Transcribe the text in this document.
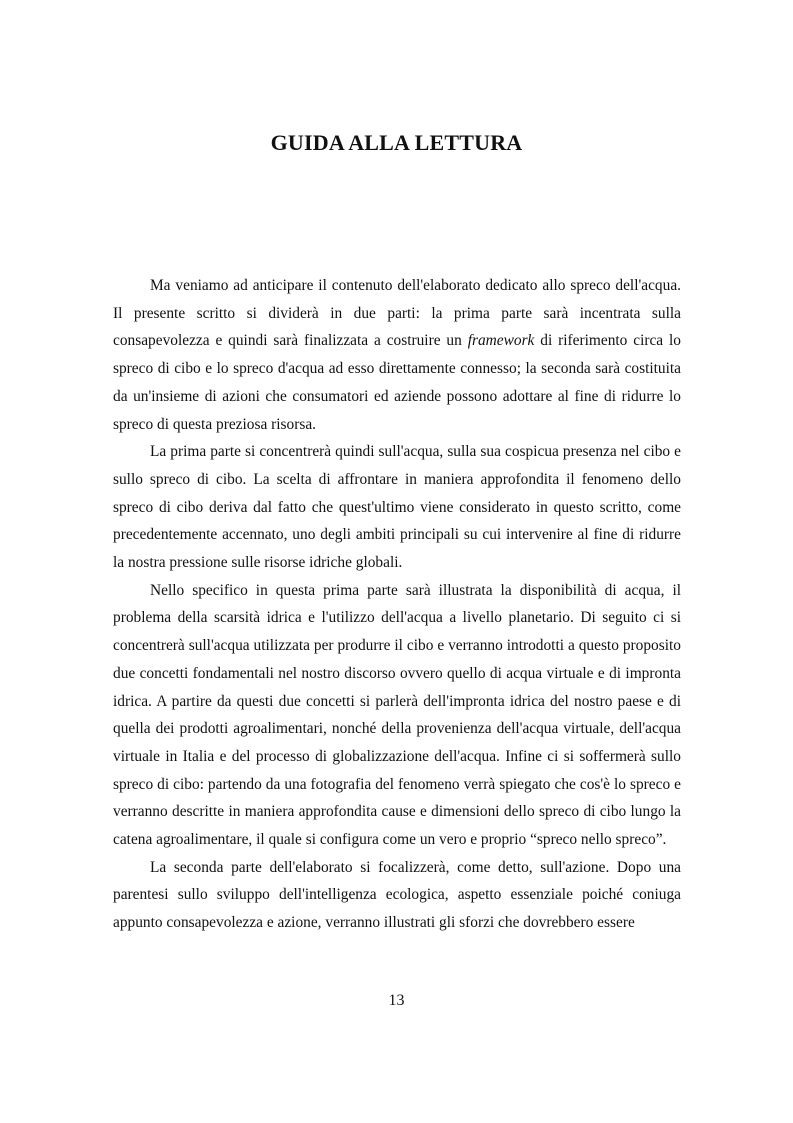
GUIDA ALLA LETTURA

Ma veniamo ad anticipare il contenuto dell'elaborato dedicato allo spreco dell'acqua. Il presente scritto si dividerà in due parti: la prima parte sarà incentrata sulla consapevolezza e quindi sarà finalizzata a costruire un framework di riferimento circa lo spreco di cibo e lo spreco d'acqua ad esso direttamente connesso; la seconda sarà costituita da un'insieme di azioni che consumatori ed aziende possono adottare al fine di ridurre lo spreco di questa preziosa risorsa.

La prima parte si concentrerà quindi sull'acqua, sulla sua cospicua presenza nel cibo e sullo spreco di cibo. La scelta di affrontare in maniera approfondita il fenomeno dello spreco di cibo deriva dal fatto che quest'ultimo viene considerato in questo scritto, come precedentemente accennato, uno degli ambiti principali su cui intervenire al fine di ridurre la nostra pressione sulle risorse idriche globali.

Nello specifico in questa prima parte sarà illustrata la disponibilità di acqua, il problema della scarsità idrica e l'utilizzo dell'acqua a livello planetario. Di seguito ci si concentrerà sull'acqua utilizzata per produrre il cibo e verranno introdotti a questo proposito due concetti fondamentali nel nostro discorso ovvero quello di acqua virtuale e di impronta idrica. A partire da questi due concetti si parlerà dell'impronta idrica del nostro paese e di quella dei prodotti agroalimentari, nonché della provenienza dell'acqua virtuale, dell'acqua virtuale in Italia e del processo di globalizzazione dell'acqua. Infine ci si soffermerà sullo spreco di cibo: partendo da una fotografia del fenomeno verrà spiegato che cos'è lo spreco e verranno descritte in maniera approfondita cause e dimensioni dello spreco di cibo lungo la catena agroalimentare, il quale si configura come un vero e proprio “spreco nello spreco”.

La seconda parte dell'elaborato si focalizzerà, come detto, sull'azione. Dopo una parentesi sullo sviluppo dell'intelligenza ecologica, aspetto essenziale poiché coniuga appunto consapevolezza e azione, verranno illustrati gli sforzi che dovrebbero essere

13
